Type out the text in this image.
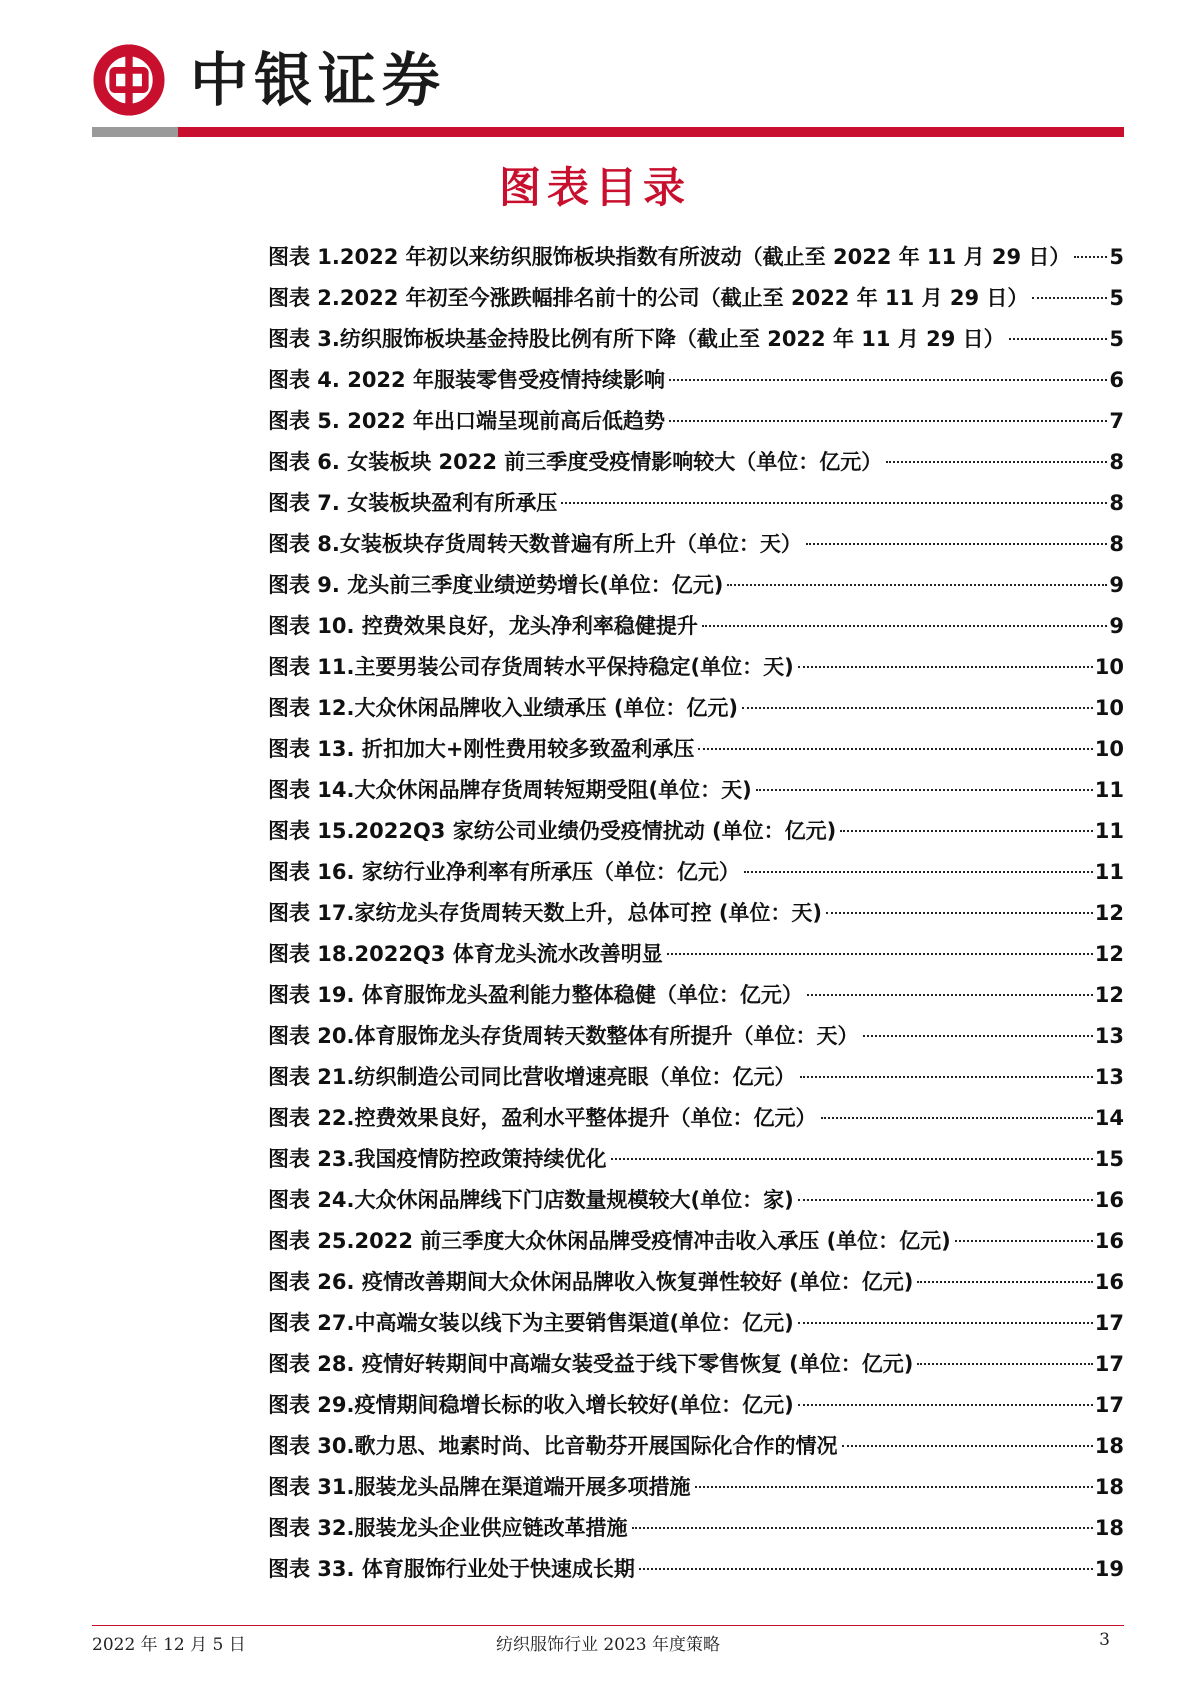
中银证券
图表目录
图表 1.2022 年初以来纺织服饰板块指数有所波动（截止至 2022 年 11 月 29 日） 5
图表 2.2022 年初至今涨跌幅排名前十的公司（截止至 2022 年 11 月 29 日）	5
图表 3.纺织服饰板块基金持股比例有所下降（截止至 2022 年 11 月 29 日）	5
图表 4. 2022 年服装零售受疫情持续影响	6
图表 5. 2022 年出口端呈现前高后低趋势	7
图表 6. 女装板块 2022 前三季度受疫情影响较大（单位：亿元）	8
图表 7. 女装板块盈利有所承压	8
图表 8.女装板块存货周转天数普遍有所上升（单位：天）	8
图表 9. 龙头前三季度业绩逆势增长(单位：亿元)	9
图表 10. 控费效果良好，龙头净利率稳健提升	9
图表 11.主要男装公司存货周转水平保持稳定(单位：天)	10
图表 12.大众休闲品牌收入业绩承压 (单位：亿元)	10
图表 13. 折扣加大+刚性费用较多致盈利承压	10
图表 14.大众休闲品牌存货周转短期受阻(单位：天)	11
图表 15.2022Q3 家纺公司业绩仍受疫情扰动 (单位：亿元)	11
图表 16. 家纺行业净利率有所承压（单位：亿元）	11
图表 17.家纺龙头存货周转天数上升，总体可控 (单位：天)	12
图表 18.2022Q3 体育龙头流水改善明显	12
图表 19. 体育服饰龙头盈利能力整体稳健（单位：亿元）	12
图表 20.体育服饰龙头存货周转天数整体有所提升（单位：天）	13
图表 21.纺织制造公司同比营收增速亮眼（单位：亿元）	13
图表 22.控费效果良好，盈利水平整体提升（单位：亿元）	14
图表 23.我国疫情防控政策持续优化	15
图表 24.大众休闲品牌线下门店数量规模较大(单位：家)	16
图表 25.2022 前三季度大众休闲品牌受疫情冲击收入承压 (单位：亿元)	16
图表 26. 疫情改善期间大众休闲品牌收入恢复弹性较好 (单位：亿元)	16
图表 27.中高端女装以线下为主要销售渠道(单位：亿元)	17
图表 28. 疫情好转期间中高端女装受益于线下零售恢复 (单位：亿元)	17
图表 29.疫情期间稳增长标的收入增长较好(单位：亿元)	17
图表 30.歌力思、地素时尚、比音勒芬开展国际化合作的情况	18
图表 31.服装龙头品牌在渠道端开展多项措施	18
图表 32.服装龙头企业供应链改革措施	18
图表 33. 体育服饰行业处于快速成长期	19
2022 年 12 月 5 日	纺织服饰行业 2023 年度策略	3
